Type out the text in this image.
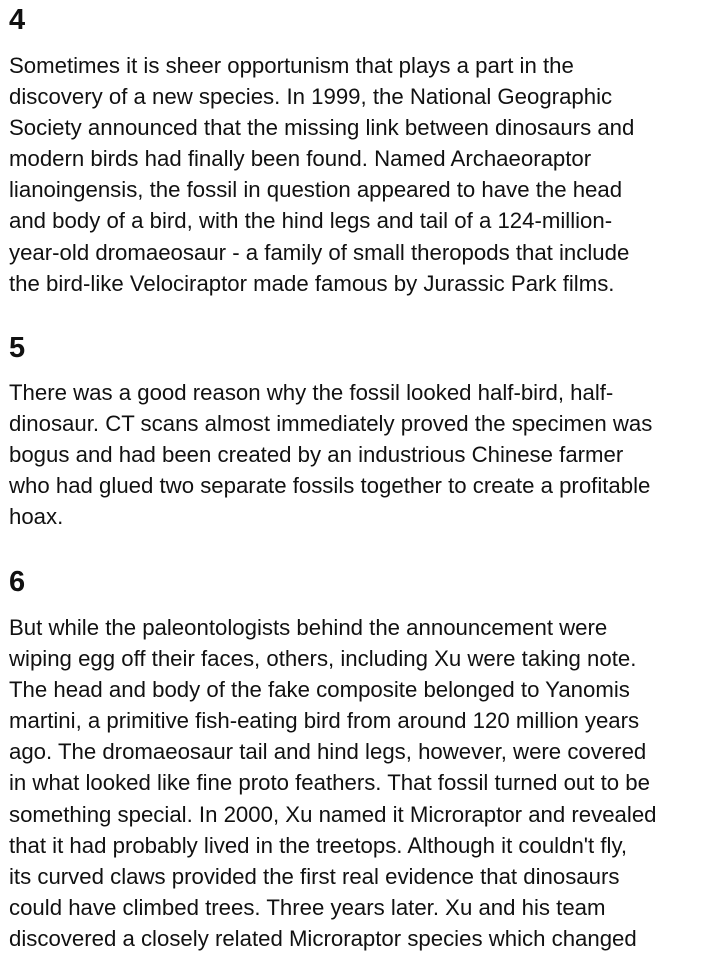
4

Sometimes it is sheer opportunism that plays a part in the
discovery of a new species. In 1999, the National Geographic
Society announced that the missing link between dinosaurs and
modern birds had finally been found. Named Archaeoraptor
lianoingensis, the fossil in question appeared to have the head
and body of a bird, with the hind legs and tail of a 124-million-
year-old dromaeosaur - a family of small theropods that include
the bird-like Velociraptor made famous by Jurassic Park films.

5

There was a good reason why the fossil looked half-bird, half-
dinosaur. CT scans almost immediately proved the specimen was
bogus and had been created by an industrious Chinese farmer
who had glued two separate fossils together to create a profitable
hoax.

6

But while the paleontologists behind the announcement were
wiping egg off their faces, others, including Xu were taking note.
The head and body of the fake composite belonged to Yanomis
martini, a primitive fish-eating bird from around 120 million years
ago. The dromaeosaur tail and hind legs, however, were covered
in what looked like fine proto feathers. That fossil turned out to be
something special. In 2000, Xu named it Microraptor and revealed
that it had probably lived in the treetops. Although it couldn't fly,
its curved claws provided the first real evidence that dinosaurs
could have climbed trees. Three years later. Xu and his team
discovered a closely related Microraptor species which changed
